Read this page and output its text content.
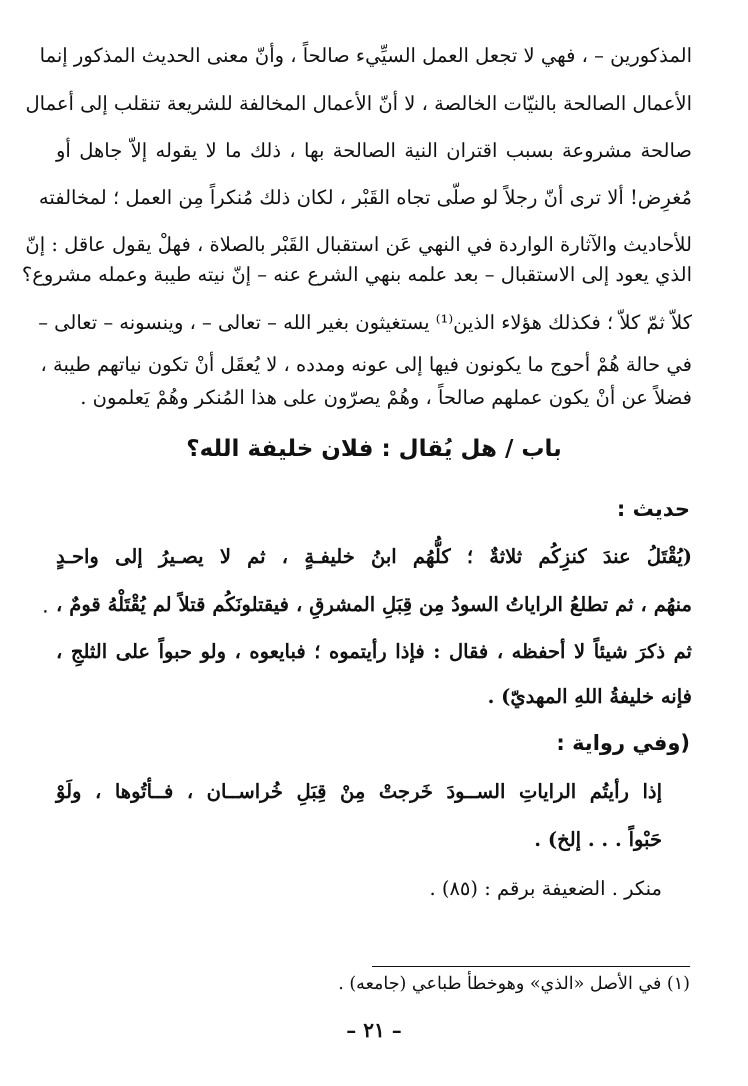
المذكورين – ، فهي لا تجعل العمل السيِّيء صالحاً ، وأنّ معنى الحديث المذكور إنما
الأعمال الصالحة بالنيّات الخالصة ، لا أنّ الأعمال المخالفة للشريعة تنقلب إلى أعمال
صالحة مشروعة بسبب اقتران النية الصالحة بها ، ذلك ما لا يقوله إلاّ جاهل أو
مُغرِض! ألا ترى أنّ رجلاً لو صلّى تجاه القَبْر ، لكان ذلك مُنكراً مِن العمل ؛ لمخالفته
للأحاديث والآثارة الواردة في النهي عَن استقبال القَبْر بالصلاة ، فهلْ يقول عاقل : إنّ
الذي يعود إلى الاستقبال – بعد علمه بنهي الشرع عنه – إنّ نيته طيبة وعمله مشروع؟
كلاّ ثمّ كلاّ ؛ فكذلك هؤلاء الذين⁽¹⁾ يستغيثون بغير الله – تعالى – ، وينسونه – تعالى –
في حالة هُمْ أحوج ما يكونون فيها إلى عونه ومدده ، لا يُعقَل أنْ تكون نياتهم طيبة ،
فضلاً عن أنْ يكون عملهم صالحاً ، وهُمْ يصرّون على هذا المُنكر وهُمْ يَعلمون .
باب / هل يُقال : فلان خليفة الله؟
حديث :
(يُقْتَلُ عندَ كنزِكُم ثلاثةٌ ؛ كلُّهُم ابنُ خليفـةٍ ، ثم لا يصـيرُ إلى واحـدٍ
منهُم ، ثم تطلعُ الراياتُ السودُ مِن قِبَلِ المشرقِ ، فيقتلونَكُم قتلاً لم يُقْتَلْهُ قومٌ ،
ثم ذكرَ شيئاً لا أحفظه ، فقال : فإذا رأيتموه ؛ فبايعوه ، ولو حبواً على الثلجِ ،
فإنه خليفةُ اللهِ المهديّ) .
٠
(وفي رواية :
إذا رأيتُم الراياتِ الســودَ خَرجتْ مِنْ قِبَلِ خُراســان ، فــأتُوها ، ولَوْ
حَبْواً . . . إلخ) .
منكر . الضعيفة برقم : (٨٥) .
(١) في الأصل «الذي» وهوخطأ طباعي (جامعه) .
– ٢١ –
